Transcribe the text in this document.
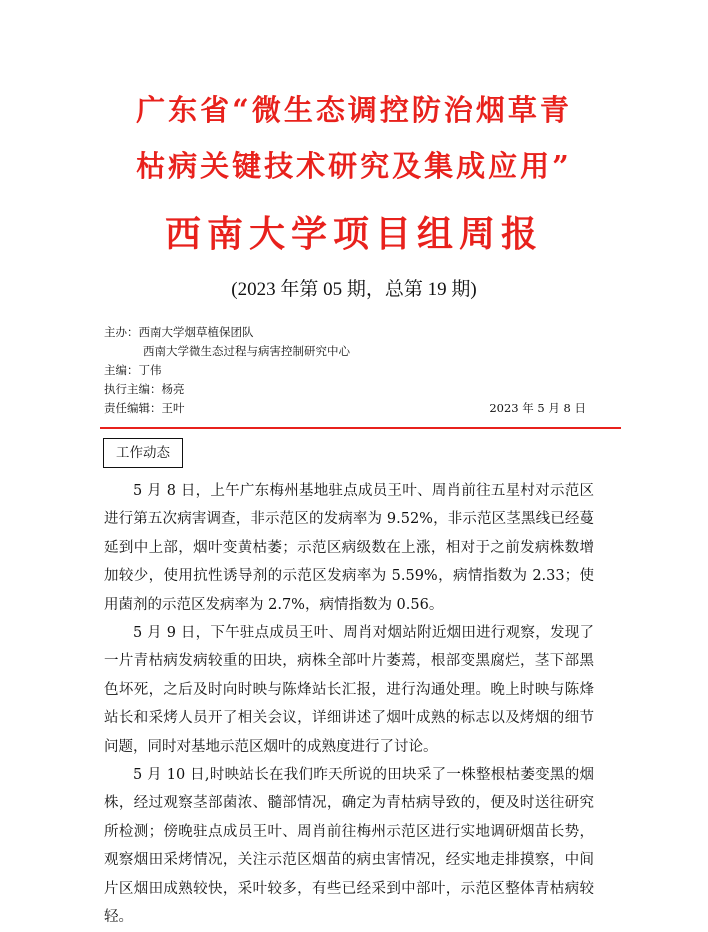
广东省“微生态调控防治烟草青
枯病关键技术研究及集成应用”
西南大学项目组周报
(2023 年第 05 期，总第 19 期)
主办：西南大学烟草植保团队
西南大学微生态过程与病害控制研究中心
主编：丁伟
执行主编：杨亮
责任编辑：王叶	2023 年 5 月 8 日
工作动态

5 月 8 日，上午广东梅州基地驻点成员王叶、周肖前往五星村对示范区进行第五次病害调查，非示范区的发病率为 9.52%，非示范区茎黑线已经蔓延到中上部，烟叶变黄枯萎；示范区病级数在上涨，相对于之前发病株数增加较少，使用抗性诱导剂的示范区发病率为 5.59%，病情指数为 2.33；使用菌剂的示范区发病率为 2.7%，病情指数为 0.56。

5 月 9 日，下午驻点成员王叶、周肖对烟站附近烟田进行观察，发现了一片青枯病发病较重的田块，病株全部叶片萎蔫，根部变黑腐烂，茎下部黑色坏死，之后及时向时映与陈烽站长汇报，进行沟通处理。晚上时映与陈烽站长和采烤人员开了相关会议，详细讲述了烟叶成熟的标志以及烤烟的细节问题，同时对基地示范区烟叶的成熟度进行了讨论。

5 月 10 日,时映站长在我们昨天所说的田块采了一株整根枯萎变黑的烟株，经过观察茎部菌浓、髓部情况，确定为青枯病导致的，便及时送往研究所检测；傍晚驻点成员王叶、周肖前往梅州示范区进行实地调研烟苗长势，观察烟田采烤情况，关注示范区烟苗的病虫害情况，经实地走排摸察，中间片区烟田成熟较快，采叶较多，有些已经采到中部叶，示范区整体青枯病较轻。
